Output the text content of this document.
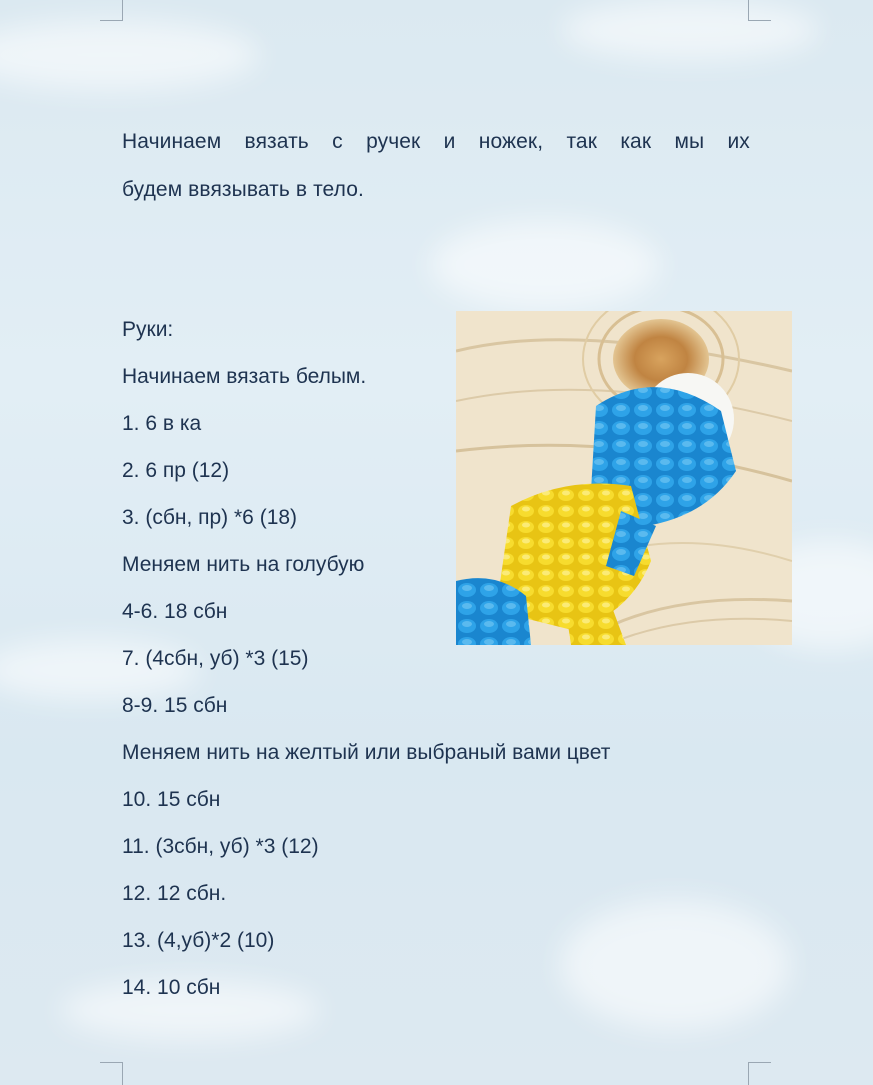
Начинаем вязать с ручек и ножек, так как мы их
будем ввязывать в тело.
Руки:
Начинаем вязать белым.
1. 6 в ка
2. 6 пр (12)
3. (сбн, пр) *6 (18)
Меняем нить на голубую
4-6. 18 сбн
7. (4сбн, уб) *3 (15)
8-9. 15 сбн
Меняем нить на желтый или выбраный вами цвет
10. 15 сбн
11. (3сбн, уб) *3 (12)
12. 12 сбн.
13. (4,уб)*2 (10)
14. 10 сбн
